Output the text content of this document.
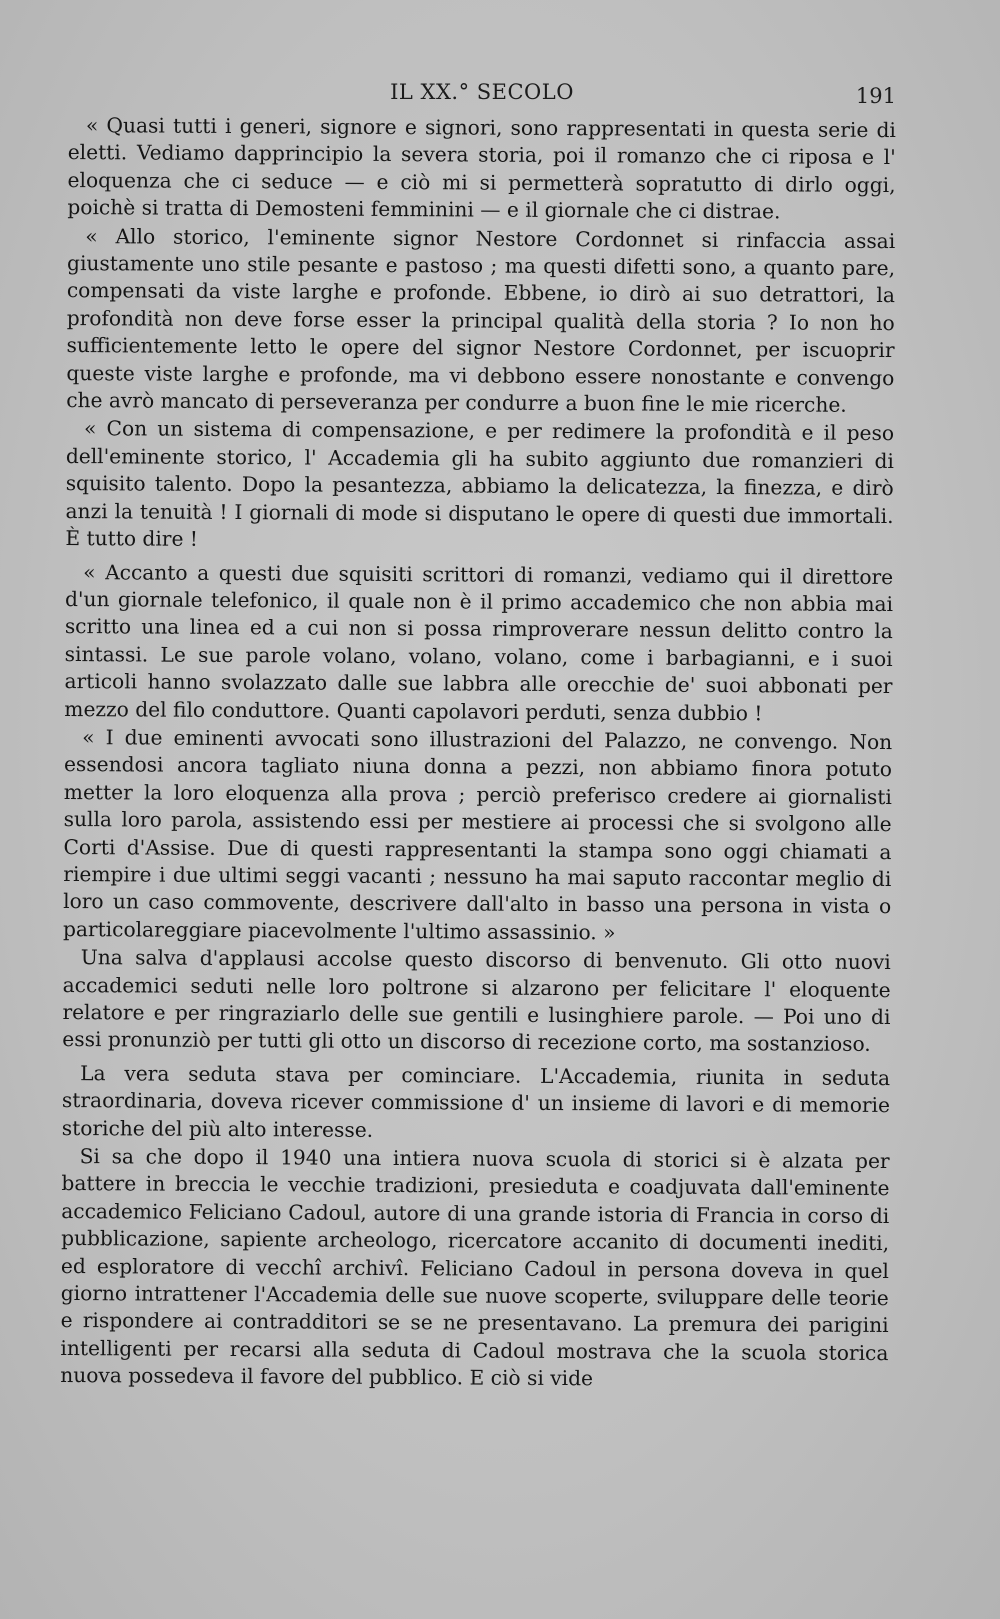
IL XX.° SECOLO	191

« Quasi tutti i generi, signore e signori, sono rappresentati in questa serie di eletti. Vediamo dapprincipio la severa storia, poi il romanzo che ci riposa e l' eloquenza che ci seduce — e ciò mi si permetterà sopratutto di dirlo oggi, poichè si tratta di Demosteni femminini — e il giornale che ci distrae.

« Allo storico, l'eminente signor Nestore Cordonnet si rinfaccia assai giustamente uno stile pesante e pastoso ; ma questi difetti sono, a quanto pare, compensati da viste larghe e profonde. Ebbene, io dirò ai suo detrattori, la profondità non deve forse esser la principal qualità della storia ? Io non ho sufficientemente letto le opere del signor Nestore Cordonnet, per iscuoprir queste viste larghe e profonde, ma vi debbono essere nonostante e convengo che avrò mancato di perseveranza per condurre a buon fine le mie ricerche.

« Con un sistema di compensazione, e per redimere la profondità e il peso dell'eminente storico, l' Accademia gli ha subito aggiunto due romanzieri di squisito talento. Dopo la pesantezza, abbiamo la delicatezza, la finezza, e dirò anzi la tenuità ! I giornali di mode si disputano le opere di questi due immortali. È tutto dire !

« Accanto a questi due squisiti scrittori di romanzi, vediamo qui il direttore d'un giornale telefonico, il quale non è il primo accademico che non abbia mai scritto una linea ed a cui non si possa rimproverare nessun delitto contro la sintassi. Le sue parole volano, volano, volano, come i barbagianni, e i suoi articoli hanno svolazzato dalle sue labbra alle orecchie de' suoi abbonati per mezzo del filo conduttore. Quanti capolavori perduti, senza dubbio !

« I due eminenti avvocati sono illustrazioni del Palazzo, ne convengo. Non essendosi ancora tagliato niuna donna a pezzi, non abbiamo finora potuto metter la loro eloquenza alla prova ; perciò preferisco credere ai giornalisti sulla loro parola, assistendo essi per mestiere ai processi che si svolgono alle Corti d'Assise. Due di questi rappresentanti la stampa sono oggi chiamati a riempire i due ultimi seggi vacanti ; nessuno ha mai saputo raccontar meglio di loro un caso commovente, descrivere dall'alto in basso una persona in vista o particolareggiare piacevolmente l'ultimo assassinio. »

Una salva d'applausi accolse questo discorso di benvenuto. Gli otto nuovi accademici seduti nelle loro poltrone si alzarono per felicitare l' eloquente relatore e per ringraziarlo delle sue gentili e lusinghiere parole. — Poi uno di essi pronunziò per tutti gli otto un discorso di recezione corto, ma sostanzioso.

La vera seduta stava per cominciare. L'Accademia, riunita in seduta straordinaria, doveva ricever commissione d' un insieme di lavori e di memorie storiche del più alto interesse.

Si sa che dopo il 1940 una intiera nuova scuola di storici si è alzata per battere in breccia le vecchie tradizioni, presieduta e coadjuvata dall'eminente accademico Feliciano Cadoul, autore di una grande istoria di Francia in corso di pubblicazione, sapiente archeologo, ricercatore accanito di documenti inediti, ed esploratore di vecchî archivî. Feliciano Cadoul in persona doveva in quel giorno intrattener l'Accademia delle sue nuove scoperte, sviluppare delle teorie e rispondere ai contradditori se se ne presentavano. La premura dei parigini intelligenti per recarsi alla seduta di Cadoul mostrava che la scuola storica nuova possedeva il favore del pubblico. E ciò si vide
